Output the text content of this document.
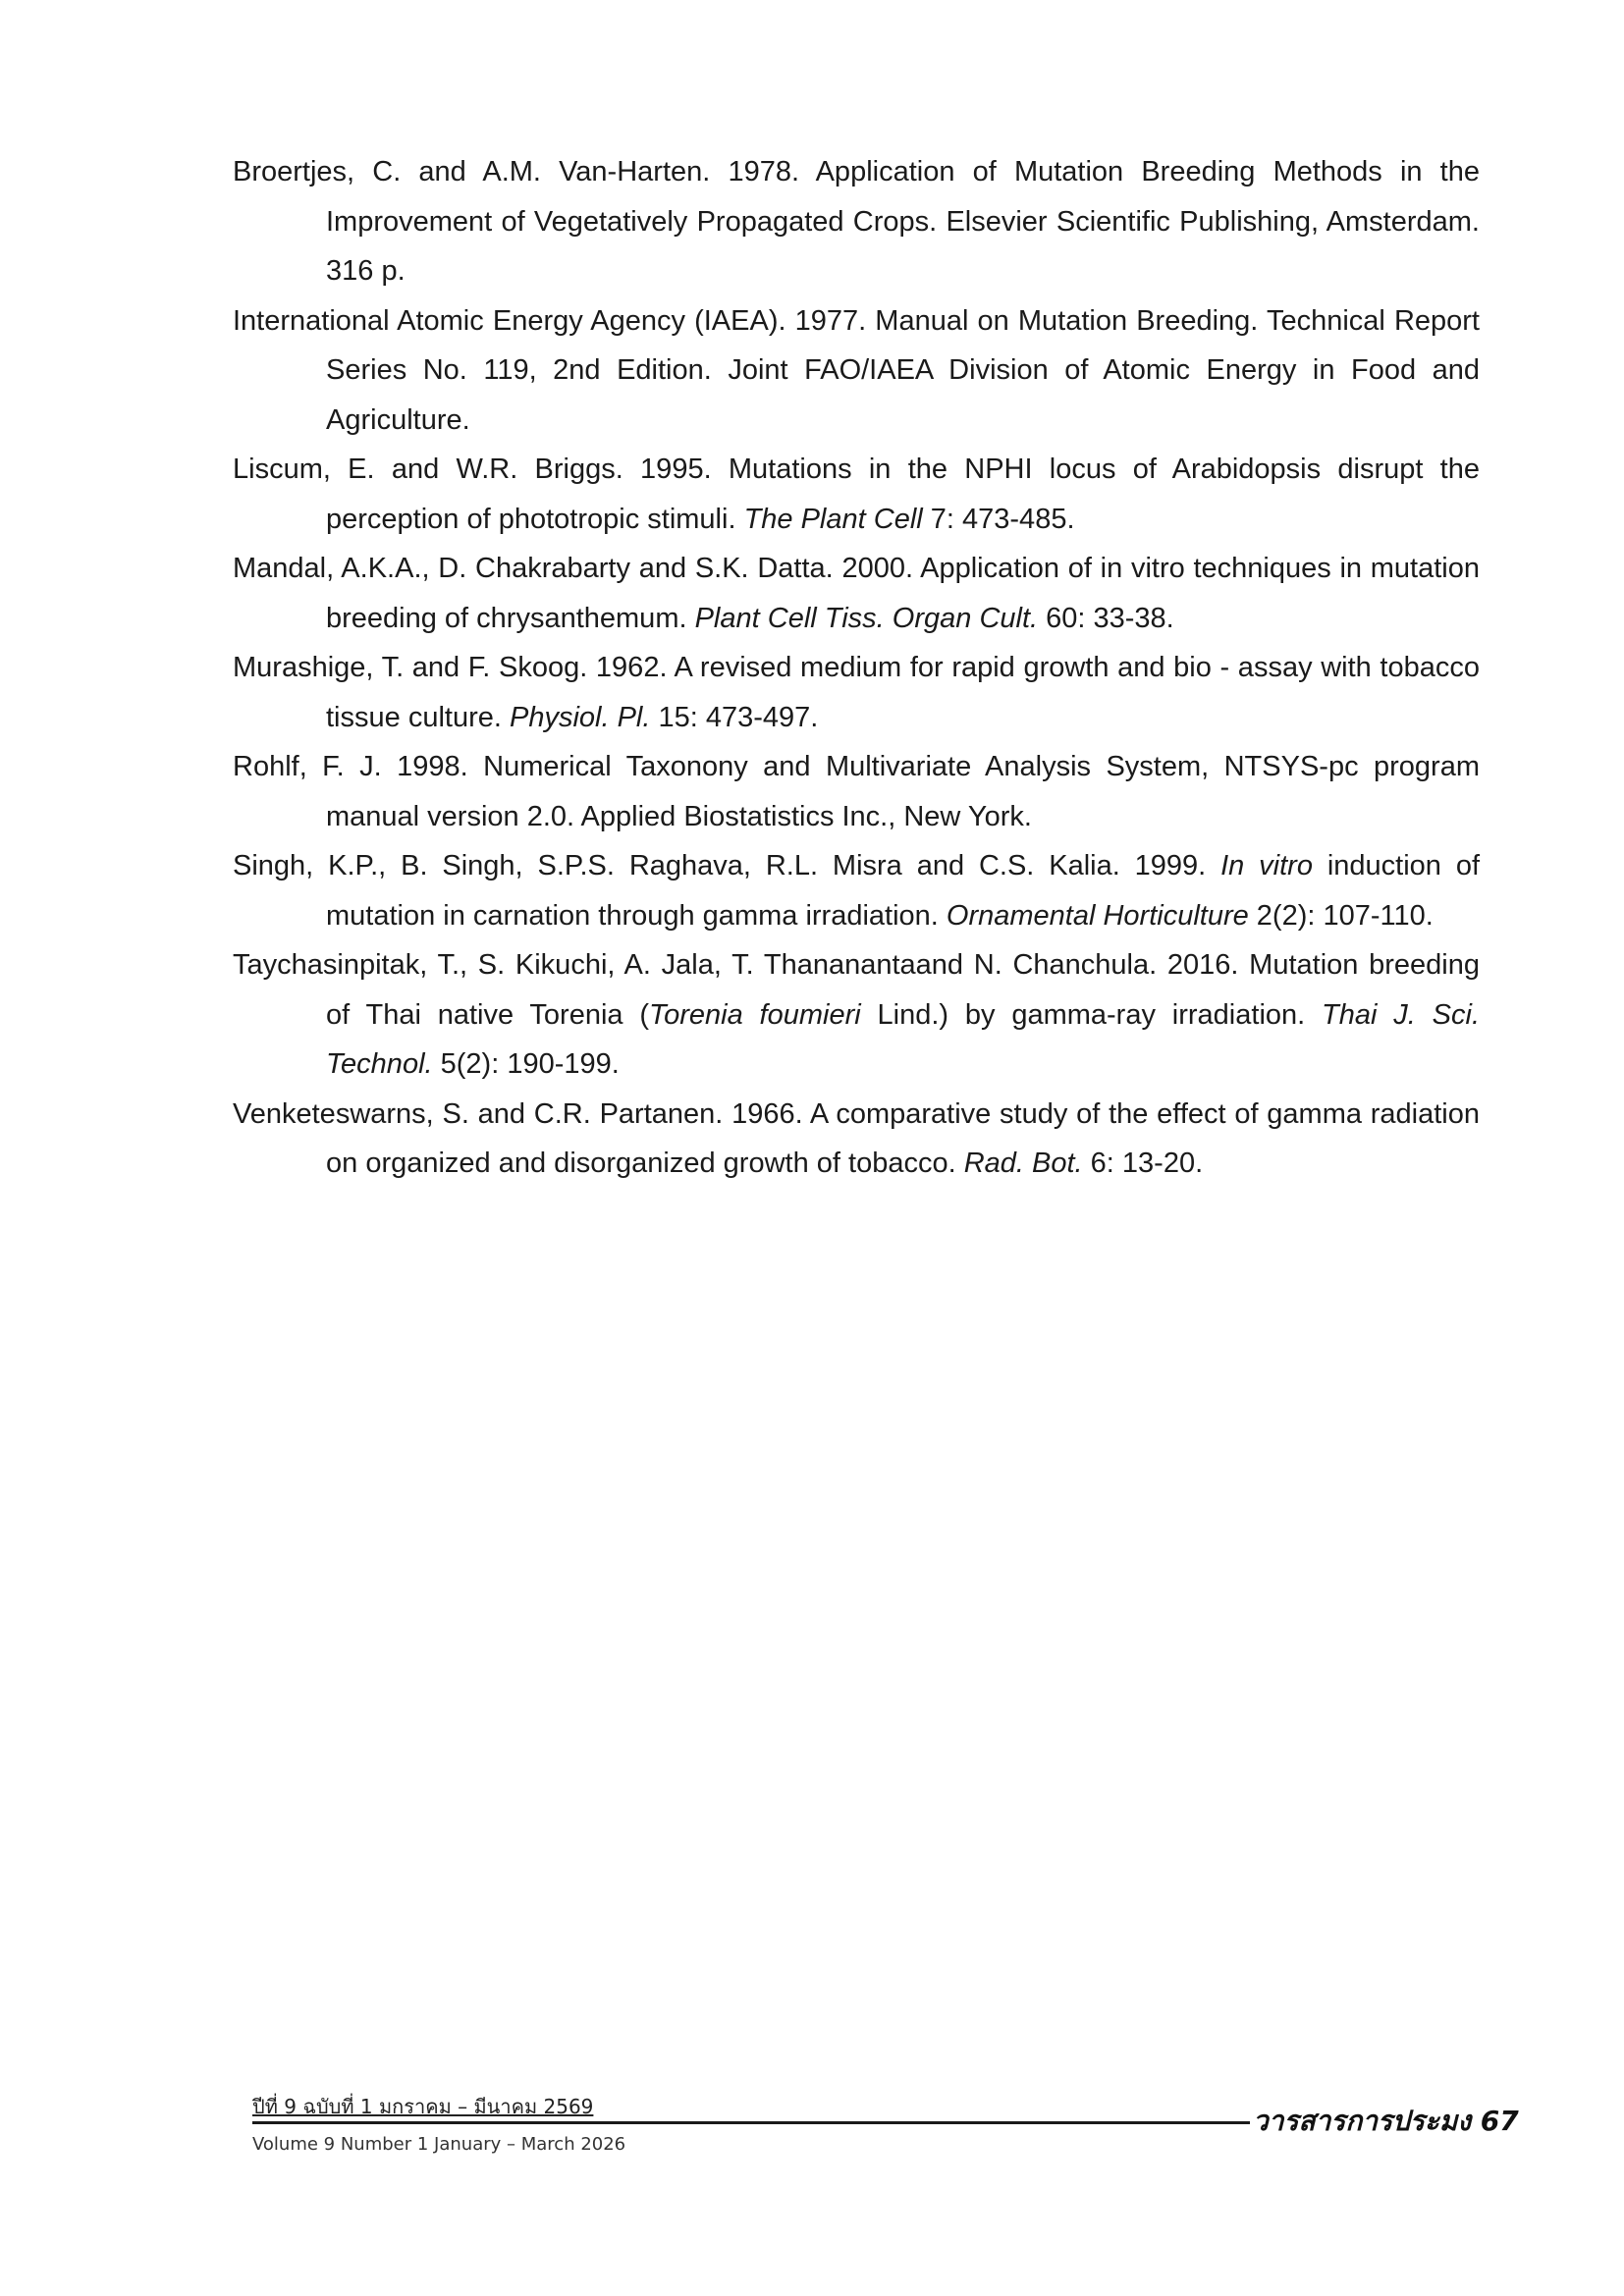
Broertjes, C. and A.M. Van-Harten. 1978. Application of Mutation Breeding Methods in the Improvement of Vegetatively Propagated Crops. Elsevier Scientific Publishing, Amsterdam. 316 p.

International Atomic Energy Agency (IAEA). 1977. Manual on Mutation Breeding. Technical Report Series No. 119, 2nd Edition. Joint FAO/IAEA Division of Atomic Energy in Food and Agriculture.

Liscum, E. and W.R. Briggs. 1995. Mutations in the NPHI locus of Arabidopsis disrupt the perception of phototropic stimuli. The Plant Cell 7: 473-485.

Mandal, A.K.A., D. Chakrabarty and S.K. Datta. 2000. Application of in vitro techniques in mutation breeding of chrysanthemum. Plant Cell Tiss. Organ Cult. 60: 33-38.

Murashige, T. and F. Skoog. 1962. A revised medium for rapid growth and bio - assay with tobacco tissue culture. Physiol. Pl. 15: 473-497.

Rohlf, F. J. 1998. Numerical Taxonony and Multivariate Analysis System, NTSYS-pc program manual version 2.0. Applied Biostatistics Inc., New York.

Singh, K.P., B. Singh, S.P.S. Raghava, R.L. Misra and C.S. Kalia. 1999. In vitro induction of mutation in carnation through gamma irradiation. Ornamental Horticulture 2(2): 107-110.

Taychasinpitak, T., S. Kikuchi, A. Jala, T. Thananantaand N. Chanchula. 2016. Mutation breeding of Thai native Torenia (Torenia foumieri Lind.) by gamma-ray irradiation. Thai J. Sci. Technol. 5(2): 190-199.

Venketeswarns, S. and C.R. Partanen. 1966. A comparative study of the effect of gamma radiation on organized and disorganized growth of tobacco. Rad. Bot. 6: 13-20.

ปีที่ 9 ฉบับที่ 1 มกราคม – มีนาคม 2569
Volume 9 Number 1 January – March 2026
วารสารการประมง 67
